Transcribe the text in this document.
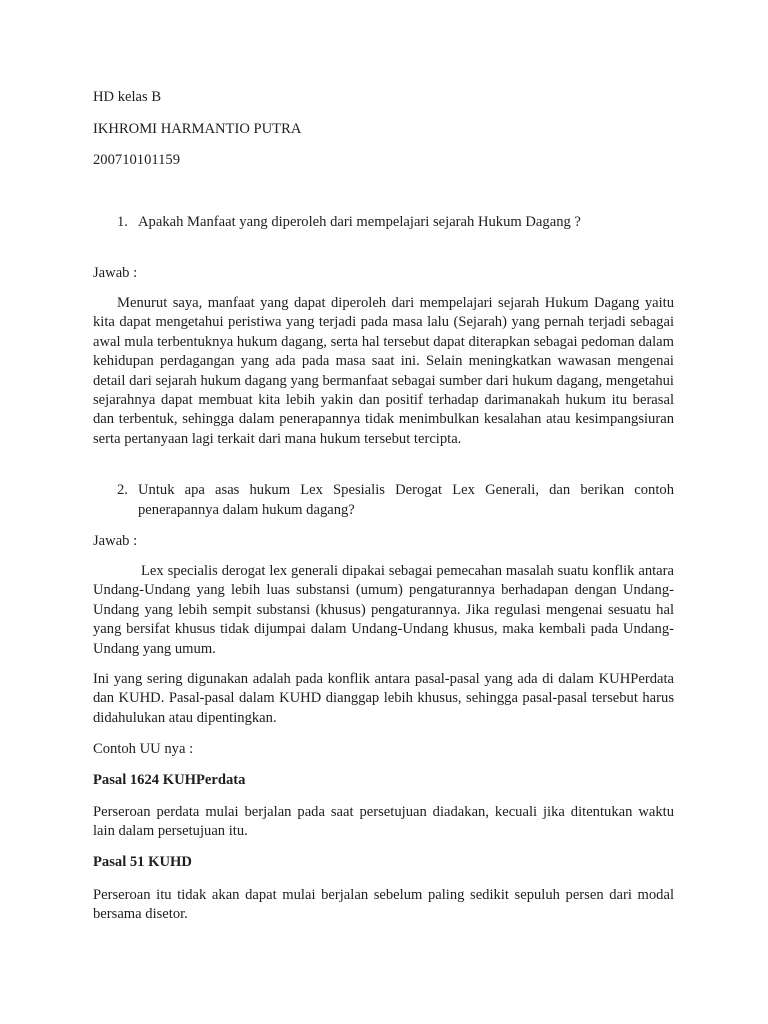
HD kelas B
IKHROMI HARMANTIO PUTRA
200710101159
1. Apakah Manfaat yang diperoleh dari mempelajari sejarah Hukum Dagang ?
Jawab :
Menurut saya, manfaat yang dapat diperoleh dari mempelajari sejarah Hukum Dagang yaitu kita dapat mengetahui peristiwa yang terjadi pada masa lalu (Sejarah) yang pernah terjadi sebagai awal mula terbentuknya hukum dagang, serta hal tersebut dapat diterapkan sebagai pedoman dalam kehidupan perdagangan yang ada pada masa saat ini. Selain meningkatkan wawasan mengenai detail dari sejarah hukum dagang yang bermanfaat sebagai sumber dari hukum dagang, mengetahui sejarahnya dapat membuat kita lebih yakin dan positif terhadap darimanakah hukum itu berasal dan terbentuk, sehingga dalam penerapannya tidak menimbulkan kesalahan atau kesimpangsiuran serta pertanyaan lagi terkait dari mana hukum tersebut tercipta.
2. Untuk apa asas hukum Lex Spesialis Derogat Lex Generali, dan berikan contoh penerapannya dalam hukum dagang?
Jawab :
Lex specialis derogat lex generali dipakai sebagai pemecahan masalah suatu konflik antara Undang-Undang yang lebih luas substansi (umum) pengaturannya berhadapan dengan Undang-Undang yang lebih sempit substansi (khusus) pengaturannya. Jika regulasi mengenai sesuatu hal yang bersifat khusus tidak dijumpai dalam Undang-Undang khusus, maka kembali pada Undang-Undang yang umum.
Ini yang sering digunakan adalah pada konflik antara pasal-pasal yang ada di dalam KUHPerdata dan KUHD. Pasal-pasal dalam KUHD dianggap lebih khusus, sehingga pasal-pasal tersebut harus didahulukan atau dipentingkan.
Contoh UU nya :
Pasal 1624 KUHPerdata
Perseroan perdata mulai berjalan pada saat persetujuan diadakan, kecuali jika ditentukan waktu lain dalam persetujuan itu.
Pasal 51 KUHD
Perseroan itu tidak akan dapat mulai berjalan sebelum paling sedikit sepuluh persen dari modal bersama disetor.
